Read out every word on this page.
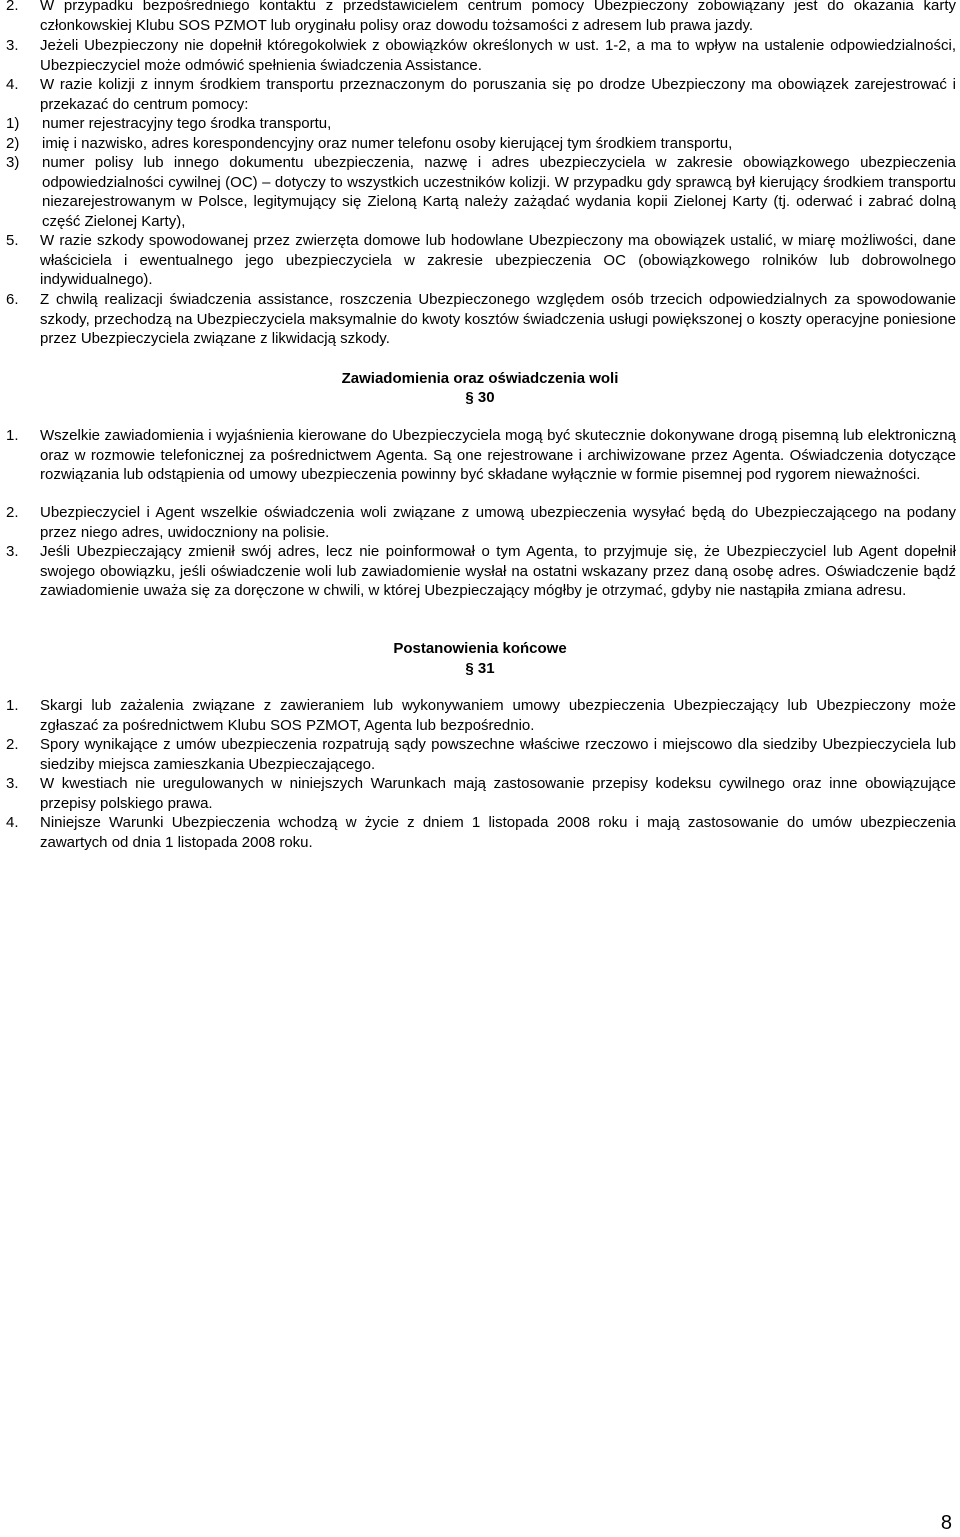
2.	W przypadku bezpośredniego kontaktu z przedstawicielem centrum pomocy Ubezpieczony zobowiązany jest do okazania karty członkowskiej Klubu SOS PZMOT lub oryginału polisy oraz dowodu tożsamości z adresem lub prawa jazdy.
3.	Jeżeli Ubezpieczony nie dopełnił któregokolwiek z obowiązków określonych w ust. 1-2, a ma to wpływ na ustalenie odpowiedzialności, Ubezpieczyciel może odmówić spełnienia świadczenia Assistance.
4.	W razie kolizji z innym środkiem transportu przeznaczonym do poruszania się po drodze Ubezpieczony ma obowiązek zarejestrować i przekazać do centrum pomocy:
1) numer rejestracyjny tego środka transportu,
2) imię i nazwisko, adres korespondencyjny oraz numer telefonu osoby kierującej tym środkiem transportu,
3) numer polisy lub innego dokumentu ubezpieczenia, nazwę i adres ubezpieczyciela w zakresie obowiązkowego ubezpieczenia odpowiedzialności cywilnej (OC) – dotyczy to wszystkich uczestników kolizji. W przypadku gdy sprawcą był kierujący środkiem transportu niezarejestrowanym w Polsce, legitymujący się Zieloną Kartą należy zażądać wydania kopii Zielonej Karty (tj. oderwać i zabrać dolną część Zielonej Karty),
5.	W razie szkody spowodowanej przez zwierzęta domowe lub hodowlane Ubezpieczony ma obowiązek ustalić, w miarę możliwości, dane właściciela i ewentualnego jego ubezpieczyciela w zakresie ubezpieczenia OC (obowiązkowego rolników lub dobrowolnego indywidualnego).
6.	Z chwilą realizacji świadczenia assistance, roszczenia Ubezpieczonego względem osób trzecich odpowiedzialnych za spowodowanie szkody, przechodzą na Ubezpieczyciela maksymalnie do kwoty kosztów świadczenia usługi powiększonej o koszty operacyjne poniesione przez Ubezpieczyciela związane z likwidacją szkody.
Zawiadomienia oraz oświadczenia woli
§ 30
1.	Wszelkie zawiadomienia i wyjaśnienia kierowane do Ubezpieczyciela mogą być skutecznie dokonywane drogą pisemną lub elektroniczną oraz w rozmowie telefonicznej za pośrednictwem Agenta. Są one rejestrowane i archiwizowane przez Agenta. Oświadczenia dotyczące rozwiązania lub odstąpienia od umowy ubezpieczenia powinny być składane wyłącznie w formie pisemnej pod rygorem nieważności.
2.	Ubezpieczyciel i Agent wszelkie oświadczenia woli związane z umową ubezpieczenia wysyłać będą do Ubezpieczającego na podany przez niego adres, uwidoczniony na polisie.
3.	Jeśli Ubezpieczający zmienił swój adres, lecz nie poinformował o tym Agenta, to przyjmuje się, że Ubezpieczyciel lub Agent dopełnił swojego obowiązku, jeśli oświadczenie woli lub zawiadomienie wysłał na ostatni wskazany przez daną osobę adres. Oświadczenie bądź zawiadomienie uważa się za doręczone w chwili, w której Ubezpieczający mógłby je otrzymać, gdyby nie nastąpiła zmiana adresu.
Postanowienia końcowe
§ 31
1.	Skargi lub zażalenia związane z zawieraniem lub wykonywaniem umowy ubezpieczenia Ubezpieczający lub Ubezpieczony może zgłaszać za pośrednictwem Klubu SOS PZMOT, Agenta lub bezpośrednio.
2.	Spory wynikające z umów ubezpieczenia rozpatrują sądy powszechne właściwe rzeczowo i miejscowo dla siedziby Ubezpieczyciela lub siedziby miejsca zamieszkania Ubezpieczającego.
3.	W kwestiach nie uregulowanych w niniejszych Warunkach mają zastosowanie przepisy kodeksu cywilnego oraz inne obowiązujące przepisy polskiego prawa.
4.	Niniejsze Warunki Ubezpieczenia wchodzą w życie z dniem 1 listopada 2008 roku i mają zastosowanie do umów ubezpieczenia zawartych od dnia 1 listopada 2008 roku.
8
